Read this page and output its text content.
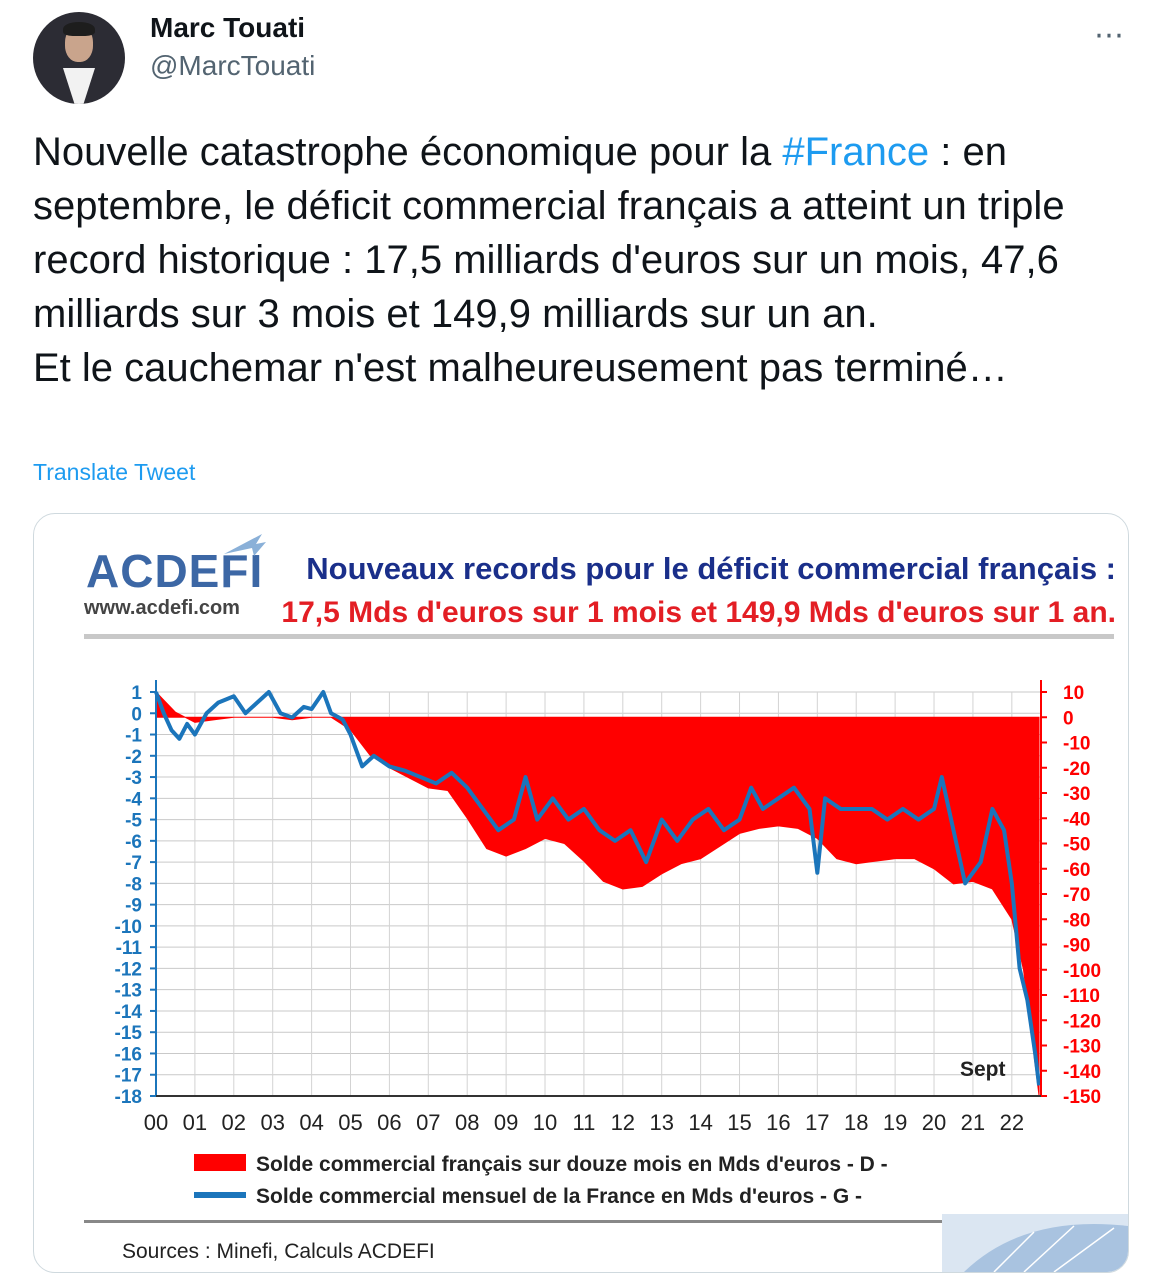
Marc Touati
@MarcTouati
⋯
Nouvelle catastrophe économique pour la #France : en septembre, le déficit commercial français a atteint un triple record historique : 17,5 milliards d'euros sur un mois, 47,6 milliards sur 3 mois et 149,9 milliards sur un an.
Et le cauchemar n'est malheureusement pas terminé…
Translate Tweet
ACDEFI
www.acdefi.com
Nouveaux records pour le déficit commercial français :
17,5 Mds d'euros sur 1 mois et 149,9 Mds d'euros sur 1 an.
1
0
-1
-2
-3
-4
-5
-6
-7
-8
-9
-10
-11
-12
-13
-14
-15
-16
-17
-18
10
0
-10
-20
-30
-40
-50
-60
-70
-80
-90
-100
-110
-120
-130
-140
-150
00 01 02 03 04 05 06 07 08 09 10 11 12 13 14 15 16 17 18 19 20 21 22
Sept
Solde commercial français sur douze mois en Mds d'euros - D -
Solde commercial mensuel de la France en Mds d'euros - G -
Sources : Minefi, Calculs ACDEFI
